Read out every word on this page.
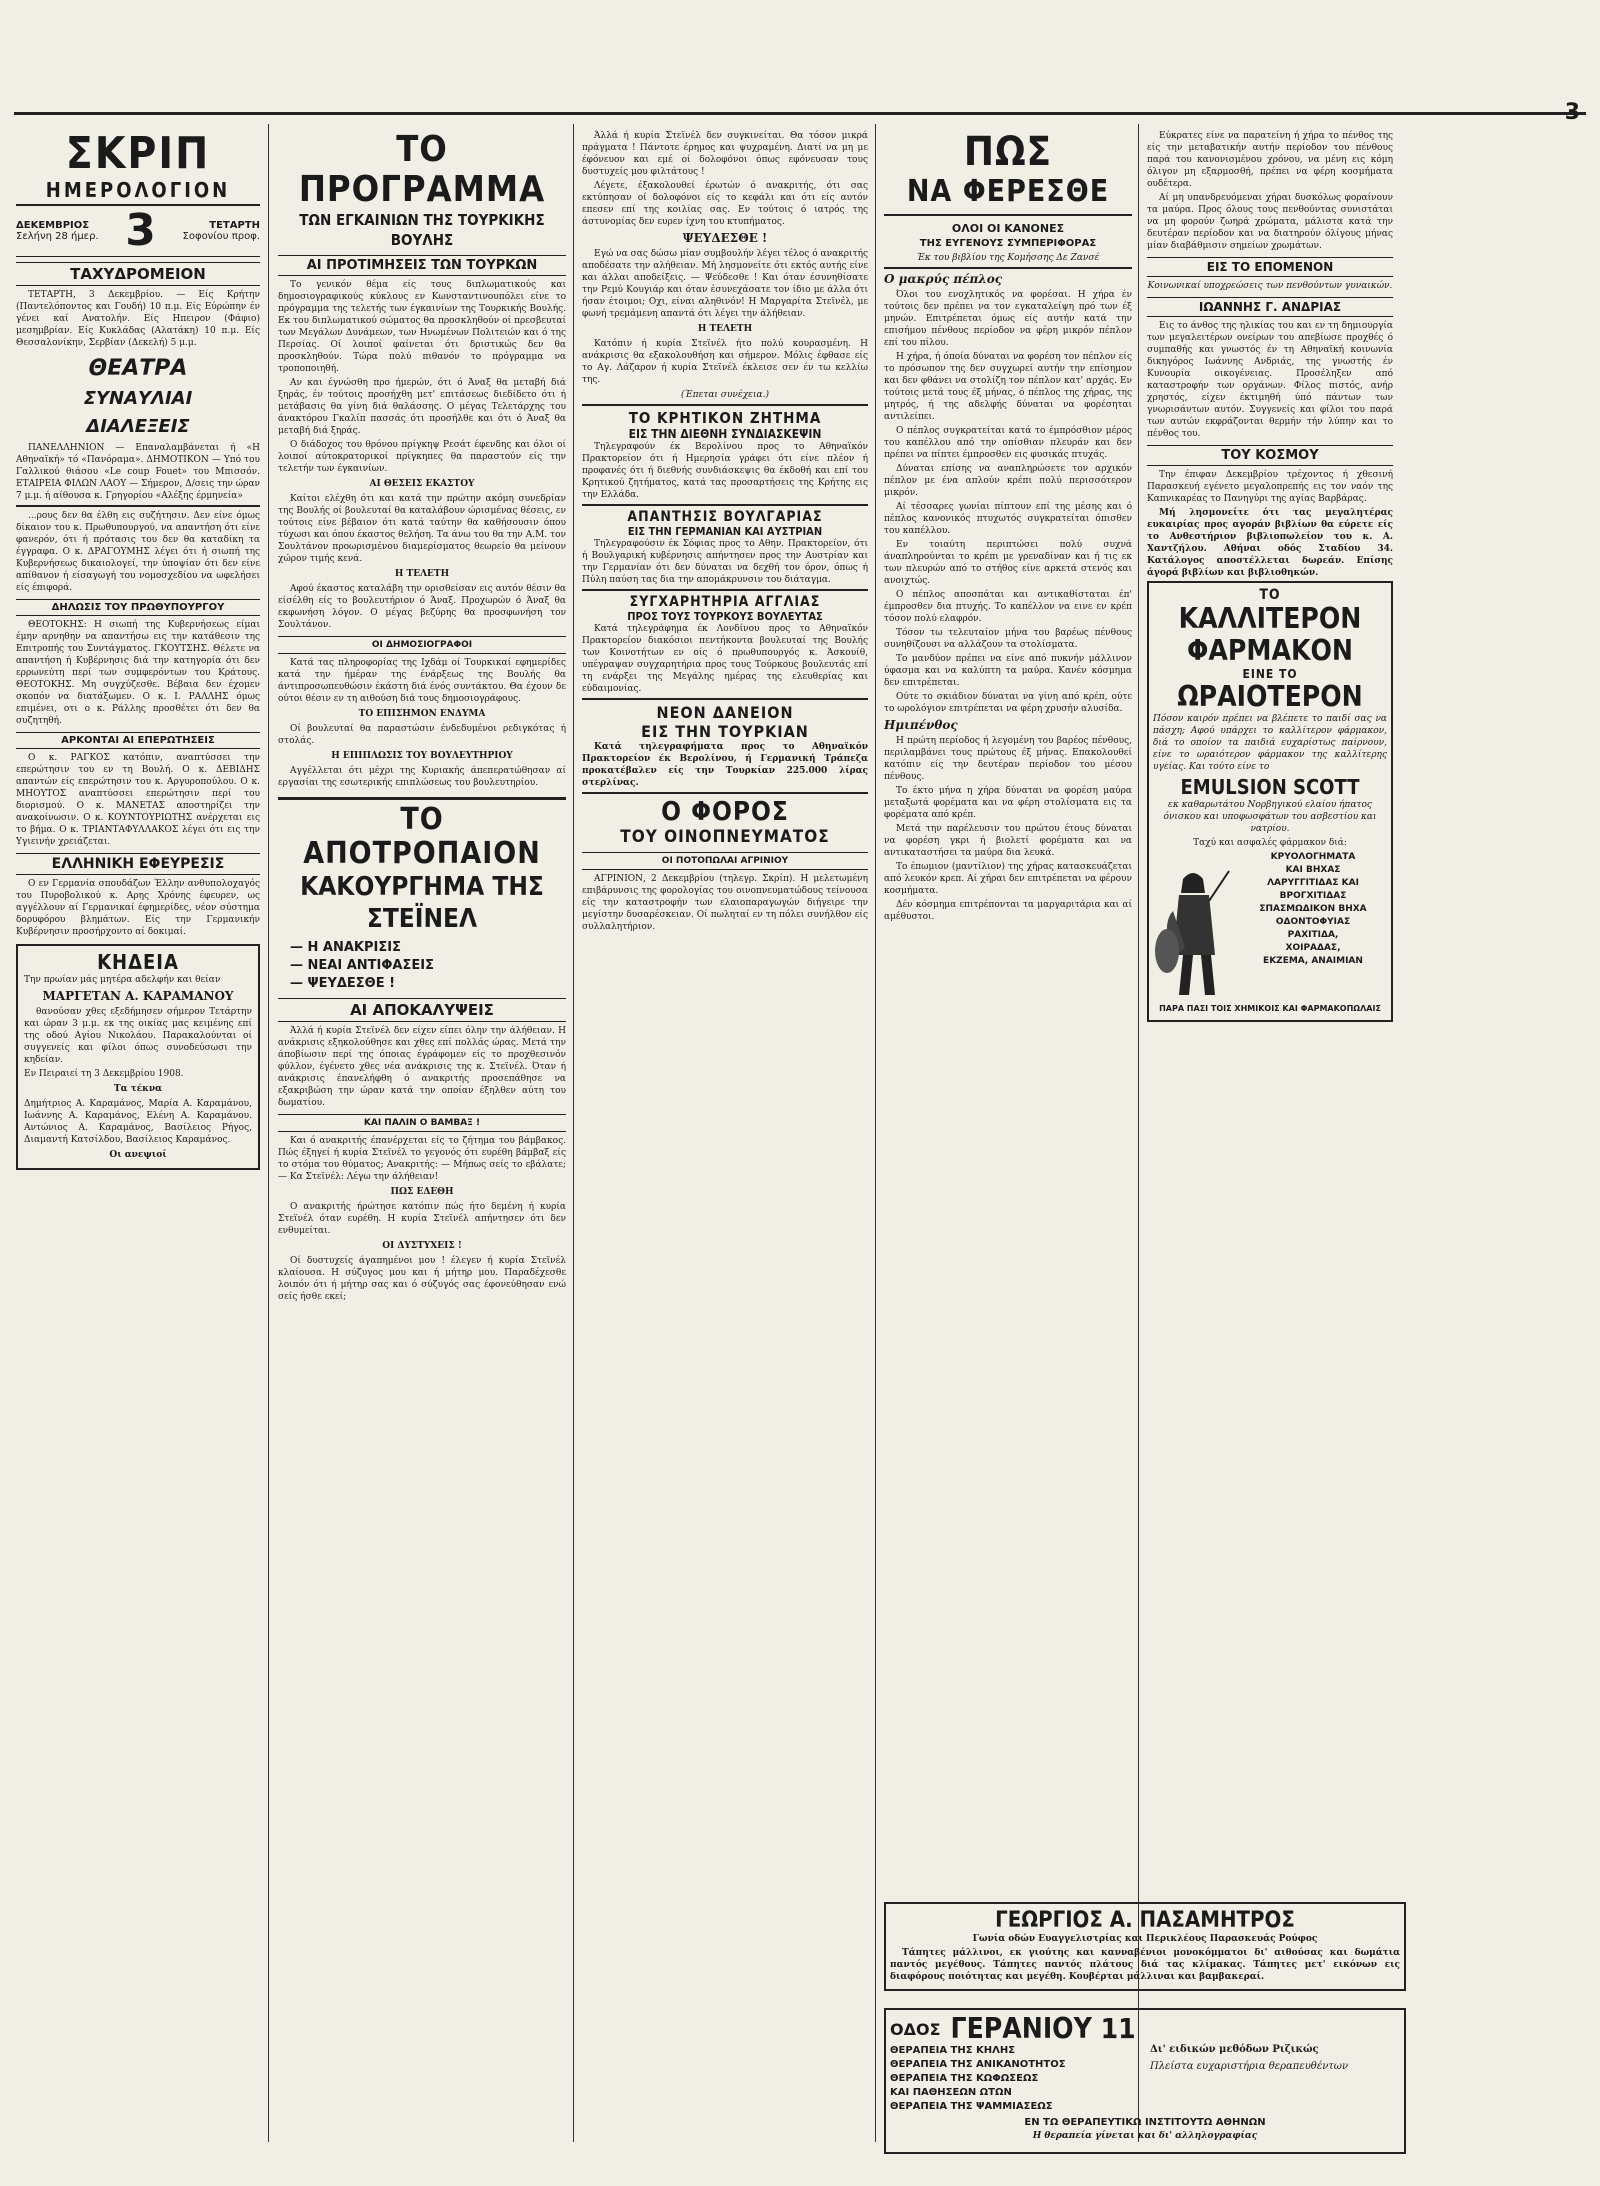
3
ΣΚΡΙΠ
ΗΜΕΡΟΛΟΓΙΟΝ
ΔΕΚΕΜΒΡΙΟΣ
Σελήνη 28 ήμερ. 3	ΤΕΤΑΡΤΗ
Σοφονίου προφ.
ΤΑΧΥΔΡΟΜΕΙΟΝ

ΤΕΤΑΡΤΗ, 3 Δεκεμβρίου. — Είς Κρήτην (Παντελόποντος και Γουδή) 10 π.μ. Είς Εύρώπην έν γένει καί Ανατολήν. Είς Ηπειρον (Φάφιο) μεσημβρίαν. Είς Κυκλάδας (Αλατάκη) 10 π.μ. Είς Θεσσαλονίκην, Σερβίαν (Δεκελή) 5 μ.μ.

ΘΕΑΤΡΑ
ΣΥΝΑΥΛΙΑΙ
ΔΙΑΛΕΞΕΙΣ

ΠΑΝΕΛΛΗΝΙΟΝ — Επαναλαμβάνεται ή «Η Αθηναϊκή» τό «Πανόραμα». ΔΗΜΟΤΙΚΟΝ — Υπό του Γαλλικού θιάσου «Le coup Fouet» του Μπισσόν. ΕΤΑΙΡΕΙΑ ΦΙΛΩΝ ΛΑΟΥ — Σήμερον, Δ/σεις την ώραν 7 μ.μ. ή αίθουσα κ. Γρηγορίου «Αλέξης έρμηνεία»

...ρους δεν θα έλθη εις συζήτησιν. Δεν είνε όμως δίκαιον του κ. Πρωθυπουργού, να απαντήση ότι είνε φανερόν, ότι ή πρότασις του δεν θα καταδίκη τα έγγραφα. Ο κ. ΔΡΑΓΟΥΜΗΣ λέγει ότι ή σιωπή της Κυβερνήσεως δικαιολογεί, την ύποψίαν ότι δεν είνε απίθανον ή είσαγωγή του νομοσχεδίου να ωφελήσει είς έπιφορά.

ΔΗΛΩΣΙΣ ΤΟΥ ΠΡΩΘΥΠΟΥΡΓΟΥ

ΘΕΟΤΟΚΗΣ: Η σιωπή της Κυβερνήσεως είμαι έμην αρνηθην να απαντήσω εις την κατάθεσιν της Επιτροπής του Συντάγματος. ΓΚΟΥΤΣΗΣ. Θέλετε να απαντήση ή Κυβέρνησις διά την κατηγορία ότι δεν ερρωνεύτη περί των συμφερόντων του Κράτους. ΘΕΟΤΟΚΗΣ. Μη συγχύζεσθε. Βέβαια δεν έχομεν σκοπόν να διατάξωμεν. Ο κ. Ι. ΡΑΛΛΗΣ όμως επιμένει, οτι ο κ. Ράλλης προσθέτει ότι δεν θα συζητηθή.

ΑΡΚΟΝΤΑΙ ΑΙ ΕΠΕΡΩΤΗΣΕΙΣ

Ο κ. ΡΑΓΚΟΣ κατόπιν, αναπτύσσει την επερώτησιν του εν τη Βουλή. Ο κ. ΔΕΒΙΔΗΣ απαντών είς επερώτησιν του κ. Αργυροπούλου. Ο κ. ΜΗΟΥΤΟΣ αναπτύσσει επερώτησιν περί του διορισμού. Ο κ. ΜΑΝΕΤΑΣ αποστηρίζει την ανακοίνωσιν. Ο κ. ΚΟΥΝΤΟΥΡΙΩΤΗΣ ανέρχεται εις το βήμα. Ο κ. ΤΡΙΑΝΤΑΦΥΛΛΑΚΟΣ λέγει ότι εις την Υγιεινήν χρειάζεται.

ΕΛΛΗΝΙΚΗ ΕΦΕΥΡΕΣΙΣ

Ο εν Γερμανία σπουδάζων Έλλην ανθυπολοχαγός του Πυροβολικού κ. Αρης Χρόνης έφευρεν, ως αγγέλλουν αί Γερμανικαί έφημερίδες, νέον σύστημα δορυφόρου βλημάτων. Είς την Γερμανικήν Κυβέρνησιν προσήρχοντο αί δοκιμαί.

ΚΗΔΕΙΑ

Την πρωίαν μάς μητέρα αδελφήν και θείαν

ΜΑΡΓΕΤΑΝ Α. ΚΑΡΑΜΑΝΟΥ

θανούσαν χθες εξεδήμησεν σήμερον Τετάρτην και ώραν 3 μ.μ. εκ της οικίας μας κειμένης επί της οδού Αγίου Νικολάου. Παρακαλούνται οί συγγενείς και φίλοι όπως συνοδεύσωσι την κηδείαν.

Εν Πειραιεί τη 3 Δεκεμβρίου 1908.

Τα τέκνα

Δημήτριος Α. Καραμάνος, Μαρία Α. Καραμάνου, Ιωάννης Α. Καραμάνος, Ελένη Α. Καραμάνου. Αντώνιος Α. Καραμάνος, Βασίλειος Ρήγος, Διαμαντή Κατσίλδου, Βασίλειος Καραμάνος.

Οι ανεψιοί
ΤΟ ΠΡΟΓΡΑΜΜΑ
ΤΩΝ ΕΓΚΑΙΝΙΩΝ ΤΗΣ ΤΟΥΡΚΙΚΗΣ ΒΟΥΛΗΣ
ΑΙ ΠΡΟΤΙΜΗΣΕΙΣ ΤΩΝ ΤΟΥΡΚΩΝ

Το γενικόν θέμα είς τους διπλωματικούς και δημοσιογραφικούς κύκλους εν Κωνσταντινουπόλει είνε το πρόγραμμα της τελετής των έγκαινίων της Τουρκικής Βουλής. Εκ του διπλωματικού σώματος θα προσκληθούν οί πρεσβευταί των Μεγάλων Δυνάμεων, των Ηνωμένων Πολιτειών και ό της Περσίας. Οί λοιποί φαίνεται ότι δριστικώς δεν θα προσκληθούν. Τώρα πολύ πιθανόν το πρόγραμμα να τροποποιηθή.

Αν και έγνώσθη προ ήμερών, ότι ό Άναξ θα μεταβή διά ξηράς, έν τούτοις προσήχθη μετ' επιτάσεως διεδίδετο ότι ή μετάβασις θα γίνη διά θαλάσσης. Ο μέγας Τελετάρχης του άνακτόρου Γκαλίπ πασσάς ότι προσήλθε και ότι ό Άναξ θα μεταβή διά ξηράς.

Ο διάδοχος του θρόνου πρίγκηψ Ρεσάτ έφενδης και όλοι οί λοιποί αύτοκρατορικοί πρίγκηπες θα παραστούν είς την τελετήν των έγκαινίων.

ΑΙ ΘΕΣΕΙΣ ΕΚΑΣΤΟΥ

Καίτοι ελέχθη ότι και κατά την πρώτην ακόμη συνεδρίαν της Βουλής οί βουλευταί θα καταλάβουν ώρισμένας θέσεις, εν τούτοις είνε βέβαιον ότι κατά ταύτην θα καθήσουσιν όπου τύχωσι και όπου έκαστος θελήση. Τα άνω του θα την Α.Μ. τον Σουλτάνον προωρισμένου διαμερίσματος θεωρείο θα μείνουν χώρον τιμής κενά.

Η ΤΕΛΕΤΗ

Αφού έκαστος καταλάβη την ορισθείσαν εις αυτόν θέσιν θα είσέλθη είς το βουλευτήριον ό Άναξ. Προχωρών ό Άναξ θα εκφωνήση λόγον. Ο μέγας βεζύρης θα προσφωνήση τον Σουλτάνον.

ΟΙ ΔΗΜΟΣΙΟΓΡΑΦΟΙ

Κατά τας πληροφορίας της Ιχδάμ οί Τουρκικαί εφημερίδες κατά την ήμέραν της ένάρξεως της Βουλής θα άντιπροσωπευθώσιν έκάστη διά ένός συντάκτου. Θα έχουν δε ούτοι θέσιν εν τη αιθούση διά τους δημοσιογράφους.

ΤΟ ΕΠΙΣΗΜΟΝ ΕΝΔΥΜΑ

Οί βουλευταί θα παραστώσιν ένδεδυμένοι ρεδιγκότας ή στολάς.

Η ΕΠΙΠΛΩΣΙΣ ΤΟΥ ΒΟΥΛΕΥΤΗΡΙΟΥ

Αγγέλλεται ότι μέχρι της Κυριακής άπεπερατώθησαν αί εργασίαι της εσωτερικής επιπλώσεως του βουλευτηρίου.

ΤΟ ΑΠΟΤΡΟΠΑΙΟΝ
ΚΑΚΟΥΡΓΗΜΑ ΤΗΣ ΣΤΕΪΝΕΛ
— Η ΑΝΑΚΡΙΣΙΣ
— ΝΕΑΙ ΑΝΤΙΦΑΣΕΙΣ
— ΨΕΥΔΕΣΘΕ !
ΑΙ ΑΠΟΚΑΛΥΨΕΙΣ

Άλλά ή κυρία Στεϊνέλ δεν είχεν είπει όλην την άλήθειαν. Η ανάκρισις εξηκολούθησε και χθες επί πολλάς ώρας. Μετά την άποβίωσιν περί της όποιας έγράφομεν είς το προχθεσινόν φύλλον, έγένετο χθες νέα ανάκρισις της κ. Στεϊνέλ. Όταν ή ανάκρισις έπανελήφθη ό ανακριτής προσεπάθησε να εξακριβώση την ώραν κατά την οποίαν έξηλθεν αύτη του δωματίου.

ΚΑΙ ΠΑΛΙΝ Ο ΒΑΜΒΑΞ !

Και ό ανακριτής έπανέρχεται είς το ζήτημα του βάμβακος. Πώς έξηγεί ή κυρία Στεϊνέλ το γεγονός ότι ευρέθη βάμβαξ είς το στόμα του θύματος; Ανακριτής: — Μήπως σείς το εβάλατε; — Κα Στεϊνέλ: Λέγω την άλήθειαν!

ΠΩΣ ΕΔΕΘΗ

Ο ανακριτής ήρώτησε κατόπιν πώς ήτο δεμένη ή κυρία Στεϊνέλ όταν ευρέθη. Η κυρία Στεϊνέλ απήντησεν ότι δεν ενθυμείται.

ΟΙ ΔΥΣΤΥΧΕΙΣ !

Οί δυστυχείς άγαπημένοι μου ! έλεγεν ή κυρία Στεϊνέλ κλαίουσα. Η σύζυγος μου και ή μήτηρ μου. Παραδέχεσθε λοιπόν ότι ή μήτηρ σας και ό σύζυγός σας έφονεύθησαν ενώ σείς ήσθε εκεί;

Άλλά ή κυρία Στεϊνέλ δεν συγκινείται. Θα τόσον μικρά πράγματα ! Πάντοτε έρημος και ψυχραμένη. Διατί να μη με έφόνευον και εμέ οί δολοφόνοι όπως εφόνευσαν τους δυστυχείς μου φιλτάτους !

Λέγετε, έξακολουθεί έρωτών ό ανακριτής, ότι σας εκτύπησαν οί δολοφόνοι είς το κεφάλι και ότι είς αυτόν επεσεν επί της κοιλίας σας. Εν τούτοις ό ιατρός της άστυνομίας δεν ευρεν ίχνη του κτυπήματος.

ΨΕΥΔΕΣΘΕ !

Εγώ να σας δώσω μίαν συμβουλήν λέγει τέλος ό ανακριτής αποδέσατε την αλήθειαν. Μή λησμονείτε ότι εκτός αυτής είνε και άλλαι αποδείξεις. — Ψεύδεσθε ! Και όταν έσυνηθίσατε την Ρεμύ Κουγιάρ και όταν έσυνεχάσατε τον ίδιο με άλλα ότι ήσαν έτοιμοι; Οχι, είναι αληθινόν! Η Μαργαρίτα Στεϊνέλ, με φωνή τρεμάμενη απαντά ότι λέγει την άλήθειαν.

Η ΤΕΛΕΤΗ

Κατόπιν ή κυρία Στεϊνέλ ήτο πολύ κουρασμένη. Η ανάκρισις θα εξακολουθήση και σήμερον. Μόλις έφθασε είς το Αγ. Λάζαρον ή κυρία Στεϊνέλ έκλεισε σεν έν τω κελλίω της.

(Έπεται συνέχεια.)
ΤΟ ΚΡΗΤΙΚΟΝ ΖΗΤΗΜΑ
ΕΙΣ ΤΗΝ ΔΙΕΘΝΗ ΣΥΝΔΙΑΣΚΕΨΙΝ

Τηλεγραφούν έκ Βερολίνου προς το Αθηναϊκόν Πρακτορείον ότι ή Ημερησία γράφει ότι είνε πλέον ή προφανές ότι ή διεθνής συνδιάσκεψις θα έκδοθή και επί του Κρητικού ζητήματος, κατά τας προσαρτήσεις της Κρήτης εις την Ελλάδα.

ΑΠΑΝΤΗΣΙΣ ΒΟΥΛΓΑΡΙΑΣ
ΕΙΣ ΤΗΝ ΓΕΡΜΑΝΙΑΝ ΚΑΙ ΑΥΣΤΡΙΑΝ

Τηλεγραφούσιν έκ Σόφιας προς το Αθην. Πρακτορείον, ότι ή Βουλγαρική κυβέρνησις απήντησεν προς την Αυστρίαν και την Γερμανίαν ότι δεν δύναται να δεχθή τον όρον, όπως ή Πύλη παύση τας δια την απομάκρυνσιν του διάταγμα.

ΣΥΓΧΑΡΗΤΗΡΙΑ ΑΓΓΛΙΑΣ
ΠΡΟΣ ΤΟΥΣ ΤΟΥΡΚΟΥΣ ΒΟΥΛΕΥΤΑΣ

Κατά τηλεγράφημα έκ Λονδίνου προς το Αθηναϊκόν Πρακτορείον διακόσιοι πεντήκοντα βουλευταί της Βουλής των Κοινοτήτων εν οίς ό πρωθυπουργός κ. Άσκουίθ, υπέγραψαν συγχαρητήρια προς τους Τούρκους βουλευτάς επί τη ενάρξει της Μεγάλης ημέρας της ελευθερίας και εύδαιμονίας.

ΝΕΟΝ ΔΑΝΕΙΟΝ
ΕΙΣ ΤΗΝ ΤΟΥΡΚΙΑΝ

Κατά τηλεγραφήματα προς το Αθηναϊκόν Πρακτορείον έκ Βερολίνου, ή Γερμανική Τράπεζα προκατέβαλεν είς την Τουρκίαν 225.000 λίρας στερλίνας.

Ο ΦΟΡΟΣ
ΤΟΥ ΟΙΝΟΠΝΕΥΜΑΤΟΣ
ΟΙ ΠΟΤΟΠΩΛΑΙ ΑΓΡΙΝΙΟΥ

ΑΓΡΙΝΙΟΝ, 2 Δεκεμβρίου (τηλεγρ. Σκρίπ). Η μελετωμένη επιβάρυνσις της φορολογίας του οινοπνευματώδους τείνουσα είς την καταστροφήν των ελαιοπαραγωγών διήγειρε την μεγίστην δυσαρέσκειαν. Οί πωληταί εν τη πόλει συνήλθον είς συλλαλητήριον.

ΠΩΣ
ΝΑ ΦΕΡΕΣΘΕ
ΟΛΟΙ ΟΙ ΚΑΝΟΝΕΣ
ΤΗΣ ΕΥΓΕΝΟΥΣ ΣΥΜΠΕΡΙΦΟΡΑΣ

Έκ του βιβλίου της Κομήσσης Δε Ζανσέ

Ο μακρύς πέπλος

Όλοι του ενοχλητικός να φορέσαι. Η χήρα έν τούτοις δεν πρέπει να τον εγκαταλείψη πρό των έξ μηνών. Επιτρέπεται όμως είς αυτήν κατά την επισήμου πένθους περίοδον να φέρη μικρόν πέπλον επί του πίλου.

Η χήρα, ή όποία δύναται να φορέση τον πέπλον είς το πρόσωπον της δεν συγχωρεί αυτήν την επίσημον και δεν φθάνει να στολίζη τον πέπλον κατ' αρχάς. Εν τούτοις μετά τους έξ μήνας, ό πέπλος της χήρας, της μητρός, ή της αδελφής δύναται να φορέσηται αντιλείπει.

Ο πέπλος συγκρατείται κατά το έμπρόσθιον μέρος του καπέλλου από την οπίσθιαν πλευράν και δεν πρέπει να πίπτει έμπροσθεν εις φυσικάς πτυχάς.

Δύναται επίσης να αναπληρώσετε τον αρχικόν πέπλον με ένα απλούν κρέπι πολύ περισσότερον μικρόν.

Αί τέσσαρες γωνίαι πίπτουν επί της μέσης και ό πέπλος κανονικός πτυχωτός συγκρατείται όπισθεν του καπέλλου.

Εν τοιαύτη περιπτώσει πολύ συχνά άναπληρούνται το κρέπι με γρεναδίναν και ή τις εκ των πλευρών από το στήθος είνε αρκετά στενός και ανοιχτώς.

Ο πέπλος αποσπάται και αντικαθίσταται έπ' έμπροσθεν δια πτυχής. Το καπέλλον να εινε εν κρέπ τόσον πολύ ελαφρόν.

Τόσον τω τελευταίον μήνα του βαρέως πένθους συνηθίζουσι να αλλάζουν τα στολίσματα.

Το μανδύον πρέπει να είνε από πυκνήν μάλλινον ύφασμα και να καλύπτη τα μαύρα. Κανέν κόσμημα δεν επιτρέπεται.

Ούτε το σκιάδιον δύναται να γίνη από κρέπ, ούτε το ωρολόγιον επιτρέπεται να φέρη χρυσήν αλυσίδα.

Ημιπένθος

Η πρώτη περίοδος ή λεγομένη του βαρέος πένθους, περιλαμβάνει τους πρώτους έξ μήνας. Επακολουθεί κατόπιν είς την δευτέραν περίοδον του μέσου πένθους.

Το έκτο μήνα η χήρα δύναται να φορέση μαύρα μεταξωτά φορέματα και να φέρη στολίσματα εις τα φορέματα από κρέπ.

Μετά την παρέλευσιν του πρώτου έτους δύναται να φορέση γκρι ή βιολετί φορέματα και να αντικαταστήσει τα μαύρα δια λευκά.

Το έπωμιον (μαντίλιον) της χήρας κατασκευάζεται από λευκόν κρεπ. Αί χήραι δεν επιτρέπεται να φέρουν κοσμήματα.

Δέν κόσμημα επιτρέπονται τα μαργαριτάρια και αί αμέθυστοι.

Εύκρατες είνε να παρατείνη ή χήρα το πένθος της είς την μεταβατικήν αυτήν περίοδον του πένθους παρά του κανονισμένου χρόνου, να μένη εις κόμη όλιγον μη εξαρμοσθή, πρέπει να φέρη κοσμήματα ουδέτερα.

Αί μη υπανδρευόμεναι χήραι δυσκόλως φοραίνουν τα μαύρα. Προς όλους τους πενθούντας συνιστάται να μη φορούν ζωηρά χρώματα, μάλιστα κατά την δευτέραν περίοδον και να διατηρούν όλίγους μήνας μίαν διαβάθμισιν σημείων χρωμάτων.

ΕΙΣ ΤΟ ΕΠΟΜΕΝΟΝ

Κοινωνικαί υποχρεώσεις των πενθούντων γυναικών.

ΙΩΑΝΝΗΣ Γ. ΑΝΔΡΙΑΣ

Εις το άνθος της ηλικίας του και εν τη δημιουργία των μεγαλειτέρων ονείρων του απεβίωσε προχθές ό συμπαθής και γνωστός έν τη Αθηναϊκή κοινωνία δικηγόρος Ιωάννης Ανδριάς, της γνωστής έν Κυνουρία οικογένειας. Προσέληξεν από καταστροφήν των οργάνων. Φίλος πιστός, ανήρ χρηστός, είχεν έκτιμηθή ύπό πάντων των γνωρισάντων αυτόν. Συγγενείς και φίλοι του παρά των αυτών εκφράζονται θερμήν τήν λύπην και το πένθος του.

ΤΟΥ ΚΟΣΜΟΥ

Την έπιφαν Δεκεμβρίου τρέχοντος ή χθεσινή Παρασκευή εγένετο μεγαλοπρεπής εις τον ναόν της Καπνικαρέας το Πανηγύρι της αγίας Βαρβάρας.

Μή λησμονείτε ότι τας μεγαλητέρας ευκαιρίας προς αγοράν βιβλίων θα εύρετε είς το Ανθεστήριον βιβλιοπωλείον του κ. Α. Χαντζήλου. Αθήναι οδός Σταδίου 34. Κατάλογος αποστέλλεται δωρεάν. Επίσης άγορά βιβλίων και βιβλιοθηκών.

ΤΟ
ΚΑΛΛΙΤΕΡΟΝ
ΦΑΡΜΑΚΟΝ
ΕΙΝΕ ΤΟ
ΩΡΑΙΟΤΕΡΟΝ

Πόσον καιρόν πρέπει να βλέπετε το παιδί σας να πάσχη; Αφού υπάρχει το καλλίτερον φάρμακον, διά το οποίον τα παιδιά ευχαρίστως παίρνουν, είνε το ωραιότερον φάρμακον της καλλίτερης υγείας. Και τούτο είνε το

EMULSION SCOTT

εκ καθαρωτάτου Νορβηγικού ελαίου ήπατος όνισκου και υποφωσφάτων του ασβεστίου και νατρίου.

Ταχύ και ασφαλές φάρμακον διά:

ΚΡΥΟΛΟΓΗΜΑΤΑ
ΚΑΙ ΒΗΧΑΣ
ΛΑΡΥΓΓΙΤΙΔΑΣ ΚΑΙ
ΒΡΟΓΧΙΤΙΔΑΣ
ΣΠΑΣΜΩΔΙΚΟΝ ΒΗΧΑ
ΟΔΟΝΤΟΦΥΙΑΣ
ΡΑΧΙΤΙΔΑ,
ΧΟΙΡΑΔΑΣ,
ΕΚΖΕΜΑ, ΑΝΑΙΜΙΑΝ
ΠΑΡΑ ΠΑΣΙ ΤΟΙΣ ΧΗΜΙΚΟΙΣ ΚΑΙ ΦΑΡΜΑΚΟΠΩΛΑΙΣ
ΓΕΩΡΓΙΟΣ Α. ΠΑΣΑΜΗΤΡΟΣ

Γωνία οδών Ευαγγελιστρίας και Περικλέους Παρασκευάς Ρούφος

Τάπητες μάλλινοι, εκ γιούτης και κανναβένιοι μονοκόμματοι δι' αιθούσας και δωμάτια παντός μεγέθους. Τάπητες παντός πλάτους διά τας κλίμακας. Τάπητες μετ' εικόνων εις διαφόρους ποιότητας και μεγέθη. Κουβέρται μάλλιναι και βαμβακεραί.

ΟΔΟΣ ΓΕΡΑΝΙΟΥ 11
ΘΕΡΑΠΕΙΑ ΤΗΣ ΚΗΛΗΣ
ΘΕΡΑΠΕΙΑ ΤΗΣ ΑΝΙΚΑΝΟΤΗΤΟΣ
ΘΕΡΑΠΕΙΑ ΤΗΣ ΚΩΦΩΣΕΩΣ
ΚΑΙ ΠΑΘΗΣΕΩΝ ΩΤΩΝ
ΘΕΡΑΠΕΙΑ ΤΗΣ ΨΑΜΜΙΑΣΕΩΣ
Δι' ειδικών μεθόδων Ριζικώς
Πλείστα ευχαριστήρια θεραπευθέντων
ΕΝ ΤΩ ΘΕΡΑΠΕΥΤΙΚΩ ΙΝΣΤΙΤΟΥΤΩ ΑΘΗΝΩΝ
Η θεραπεία γίνεται και δι' αλληλογραφίας
